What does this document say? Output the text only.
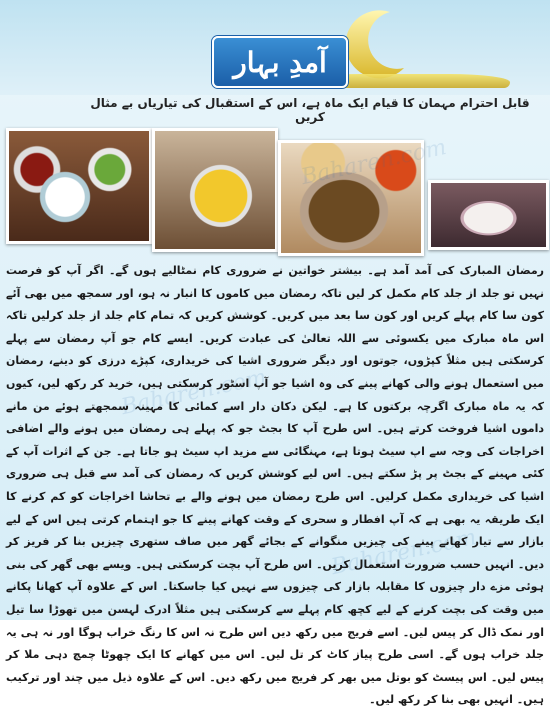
آمدِ بہار
قابل احترام مہمان کا قیام ایک ماہ ہے، اس کے استقبال کی تیاریاں بے مثال کریں
Baharen.com
Baharen.com

رمضان المبارک کی آمد آمد ہے۔ بیشتر خواتین نے ضروری کام نمٹالیے ہوں گے۔ اگر آپ کو فرصت نہیں تو جلد از جلد کام مکمل کر لیں تاکہ رمضان میں کاموں کا انبار نہ ہو، اور سمجھ میں بھی آئے کون سا کام پہلے کریں اور کون سا بعد میں کریں۔ کوشش کریں کہ تمام کام جلد از جلد کرلیں تاکہ اس ماہ مبارک میں یکسوئی سے اللہ تعالیٰ کی عبادت کریں۔ ایسے کام جو آپ رمضان سے پہلے کرسکتی ہیں مثلاً کپڑوں، جوتوں اور دیگر ضروری اشیا کی خریداری، کپڑے درزی کو دینے، رمضان میں استعمال ہونے والی کھانے پینے کی وہ اشیا جو آپ اسٹور کرسکتی ہیں، خرید کر رکھ لیں، کیوں کہ یہ ماہ مبارک اگرچہ برکتوں کا ہے۔ لیکن دکان دار اسے کمائی کا مہینہ سمجھتے ہوئے من مانے داموں اشیا فروخت کرتے ہیں۔ اس طرح آپ کا بجٹ جو کہ پہلے ہی رمضان میں ہونے والے اضافی اخراجات کی وجہ سے اپ سیٹ ہوتا ہے، مہنگائی سے مزید اپ سیٹ ہو جاتا ہے۔ جن کے اثرات آپ کے کئی مہینے کے بجٹ پر پڑ سکتے ہیں۔ اس لیے کوشش کریں کہ رمضان کی آمد سے قبل ہی ضروری اشیا کی خریداری مکمل کرلیں۔ اس طرح رمضان میں ہونے والے بے تحاشا اخراجات کو کم کرنے کا ایک طریقہ یہ بھی ہے کہ آپ افطار و سحری کے وقت کھانے پینے کا جو اہتمام کرتی ہیں اس کے لیے بازار سے تیار کھانے پینے کی چیزیں منگوانے کے بجائے گھر میں صاف ستھری چیزیں بنا کر فریز کر دیں۔ انہیں حسب ضرورت استعمال کریں۔ اس طرح آپ بچت کرسکتی ہیں۔ ویسے بھی گھر کی بنی ہوئی مزے دار چیزوں کا مقابلہ بازار کی چیزوں سے نہیں کیا جاسکتا۔ اس کے علاوہ آپ کھانا پکانے میں وقت کی بچت کرنے کے لیے کچھ کام پہلے سے کرسکتی ہیں مثلاً ادرک لہسن میں تھوڑا سا تیل اور نمک ڈال کر پیس لیں۔ اسے فریج میں رکھ دیں اس طرح نہ اس کا رنگ خراب ہوگا اور نہ ہی یہ جلد خراب ہوں گے۔ اسی طرح پیاز کاٹ کر تل لیں۔ اس میں کھانے کا ایک چھوٹا چمچ دہی ملا کر پیس لیں۔ اس پیسٹ کو بوتل میں بھر کر فریج میں رکھ دیں۔ اس کے علاوہ ذیل میں چند اور ترکیب ہیں۔ انہیں بھی بنا کر رکھ لیں۔
